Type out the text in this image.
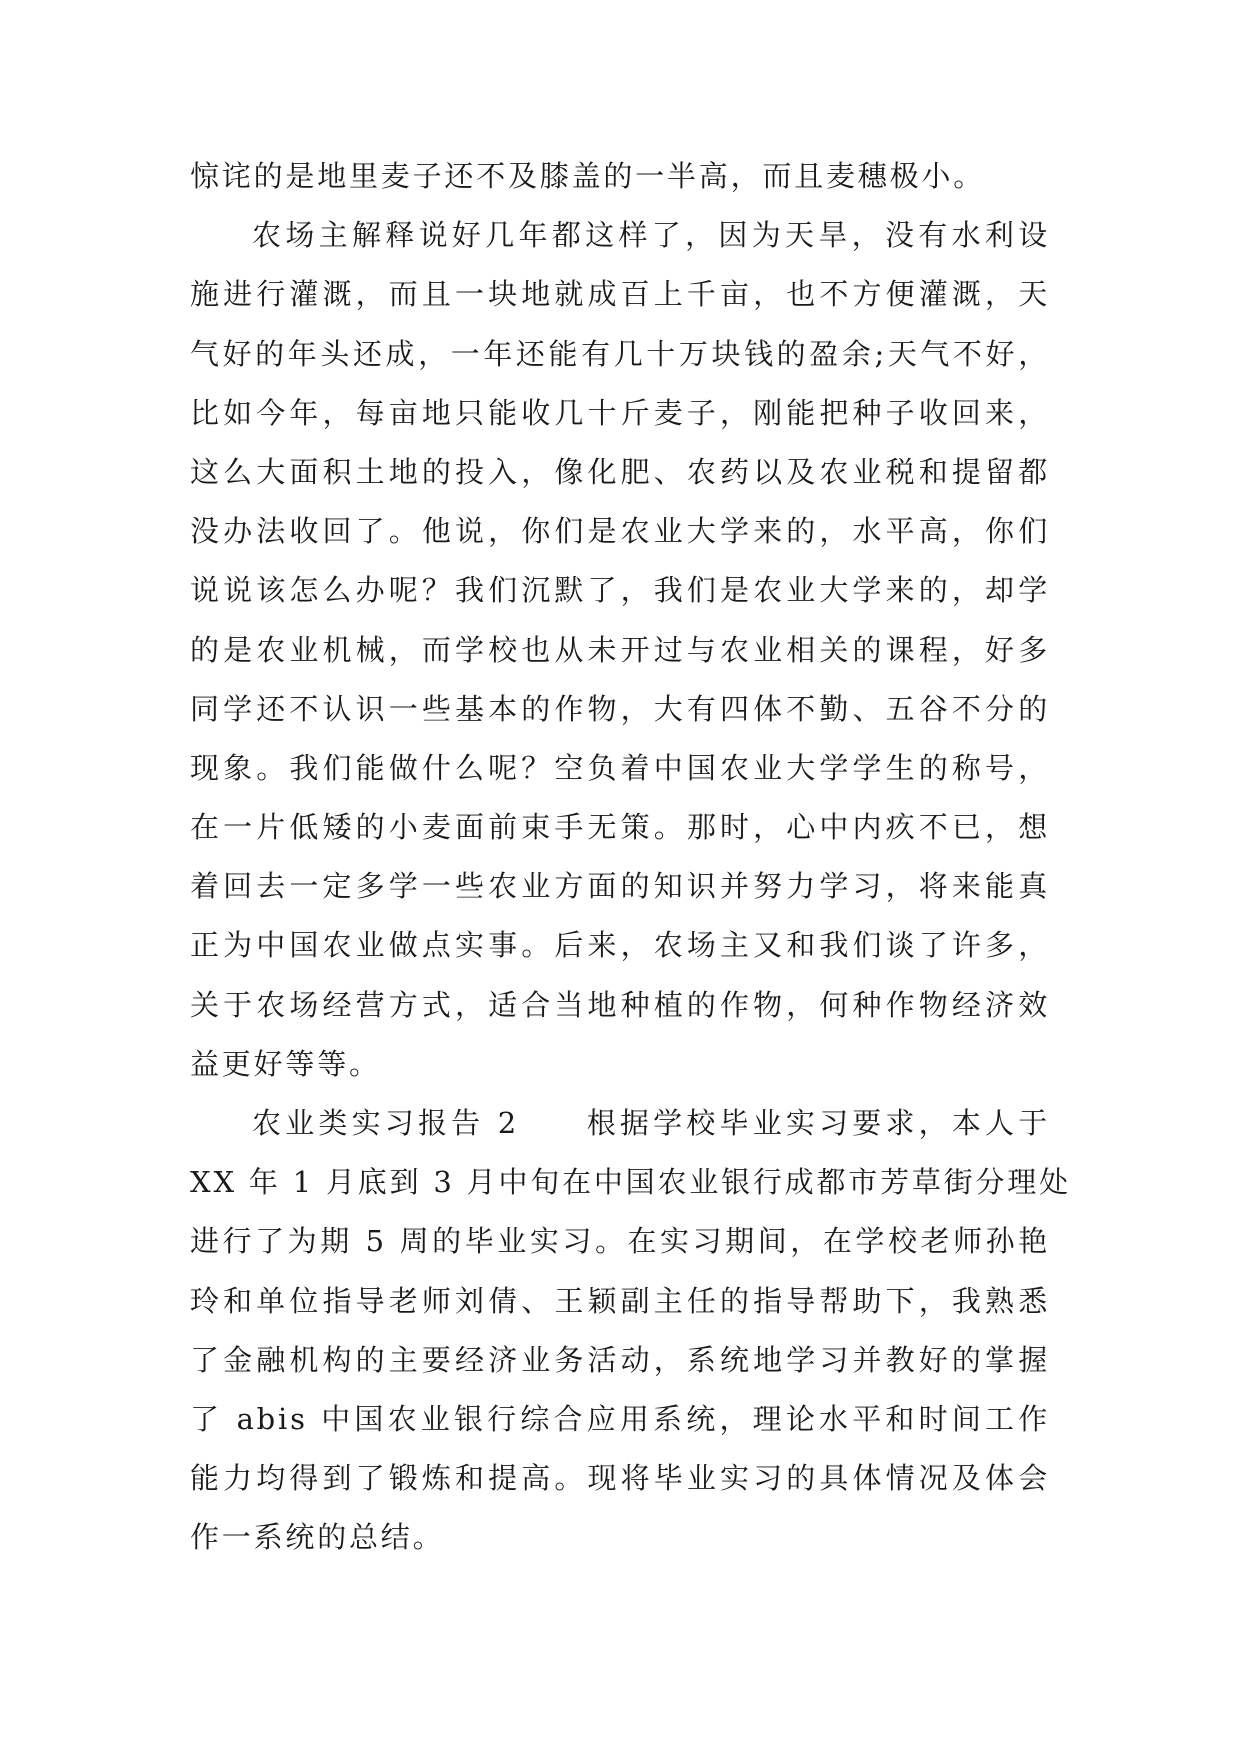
惊诧的是地里麦子还不及膝盖的一半高，而且麦穗极小。
农场主解释说好几年都这样了，因为天旱，没有水利设
施进行灌溉，而且一块地就成百上千亩，也不方便灌溉，天
气好的年头还成，一年还能有几十万块钱的盈余;天气不好，
比如今年，每亩地只能收几十斤麦子，刚能把种子收回来，
这么大面积土地的投入，像化肥、农药以及农业税和提留都
没办法收回了。他说，你们是农业大学来的，水平高，你们
说说该怎么办呢？我们沉默了，我们是农业大学来的，却学
的是农业机械，而学校也从未开过与农业相关的课程，好多
同学还不认识一些基本的作物，大有四体不勤、五谷不分的
现象。我们能做什么呢？空负着中国农业大学学生的称号，
在一片低矮的小麦面前束手无策。那时，心中内疚不已，想
着回去一定多学一些农业方面的知识并努力学习，将来能真
正为中国农业做点实事。后来，农场主又和我们谈了许多，
关于农场经营方式，适合当地种植的作物，何种作物经济效
益更好等等。
农业类实习报告 2　　根据学校毕业实习要求，本人于
XX 年 1 月底到 3 月中旬在中国农业银行成都市芳草街分理处
进行了为期 5 周的毕业实习。在实习期间，在学校老师孙艳
玲和单位指导老师刘倩、王颖副主任的指导帮助下，我熟悉
了金融机构的主要经济业务活动，系统地学习并教好的掌握
了 abis 中国农业银行综合应用系统，理论水平和时间工作
能力均得到了锻炼和提高。现将毕业实习的具体情况及体会
作一系统的总结。
